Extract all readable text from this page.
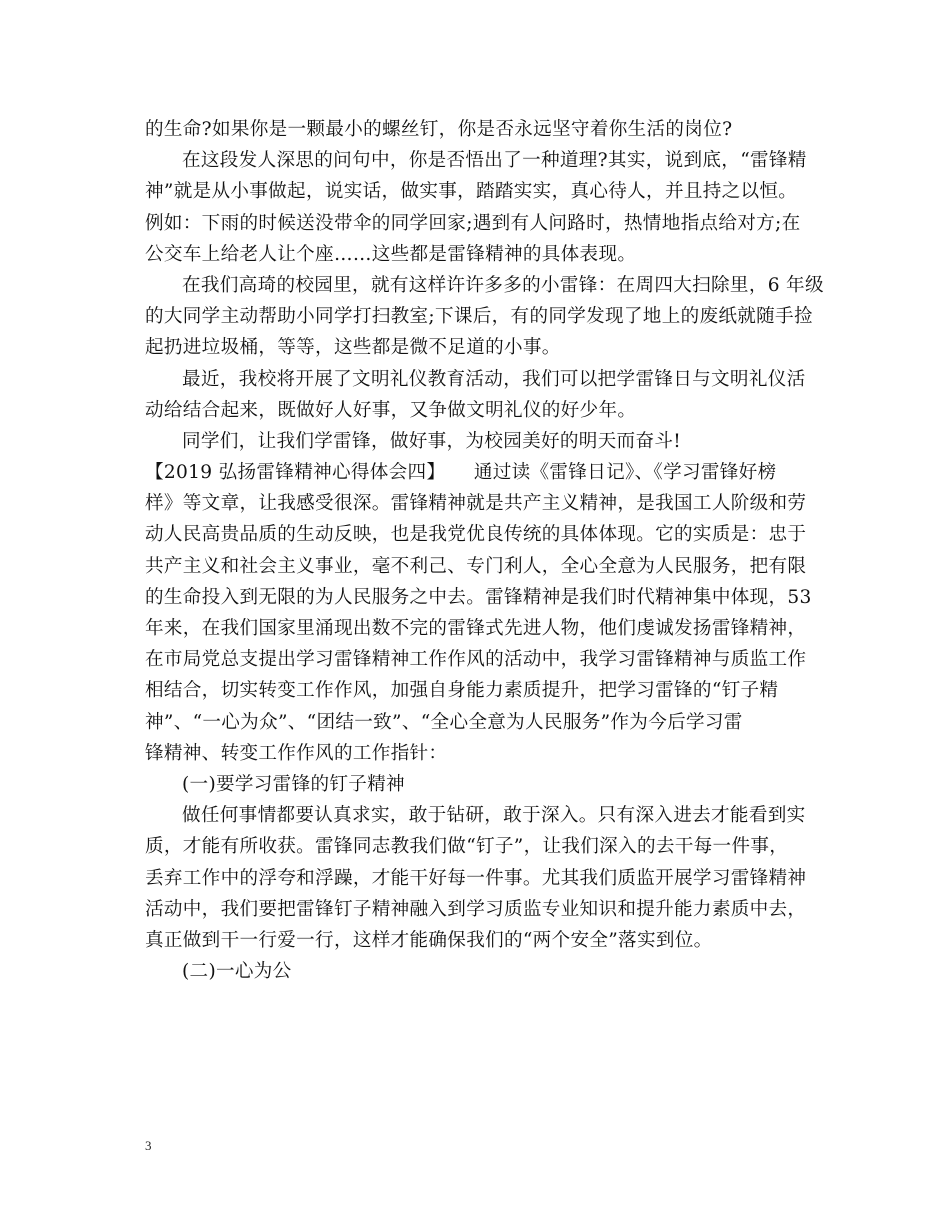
的生命?如果你是一颗最小的螺丝钉，你是否永远坚守着你生活的岗位?
在这段发人深思的问句中，你是否悟出了一种道理?其实，说到底，“雷锋精
神”就是从小事做起，说实话，做实事，踏踏实实，真心待人，并且持之以恒。
例如：下雨的时候送没带伞的同学回家;遇到有人问路时，热情地指点给对方;在
公交车上给老人让个座……这些都是雷锋精神的具体表现。
在我们高琦的校园里，就有这样许许多多的小雷锋：在周四大扫除里，6 年级
的大同学主动帮助小同学打扫教室;下课后，有的同学发现了地上的废纸就随手捡
起扔进垃圾桶，等等，这些都是微不足道的小事。
最近，我校将开展了文明礼仪教育活动，我们可以把学雷锋日与文明礼仪活
动给结合起来，既做好人好事，又争做文明礼仪的好少年。
同学们，让我们学雷锋，做好事，为校园美好的明天而奋斗!
【2019 弘扬雷锋精神心得体会四】　　通过读《雷锋日记》、《学习雷锋好榜
样》等文章，让我感受很深。雷锋精神就是共产主义精神，是我国工人阶级和劳
动人民高贵品质的生动反映，也是我党优良传统的具体体现。它的实质是：忠于
共产主义和社会主义事业，毫不利己、专门利人，全心全意为人民服务，把有限
的生命投入到无限的为人民服务之中去。雷锋精神是我们时代精神集中体现，53
年来，在我们国家里涌现出数不完的雷锋式先进人物，他们虔诚发扬雷锋精神，
在市局党总支提出学习雷锋精神工作作风的活动中，我学习雷锋精神与质监工作
相结合，切实转变工作作风，加强自身能力素质提升，把学习雷锋的“钉子精
神”、“一心为众”、“团结一致”、“全心全意为人民服务”作为今后学习雷
锋精神、转变工作作风的工作指针：
(一)要学习雷锋的钉子精神
做任何事情都要认真求实，敢于钻研，敢于深入。只有深入进去才能看到实
质，才能有所收获。雷锋同志教我们做“钉子”，让我们深入的去干每一件事，
丢弃工作中的浮夸和浮躁，才能干好每一件事。尤其我们质监开展学习雷锋精神
活动中，我们要把雷锋钉子精神融入到学习质监专业知识和提升能力素质中去，
真正做到干一行爱一行，这样才能确保我们的“两个安全”落实到位。
(二)一心为公
3
